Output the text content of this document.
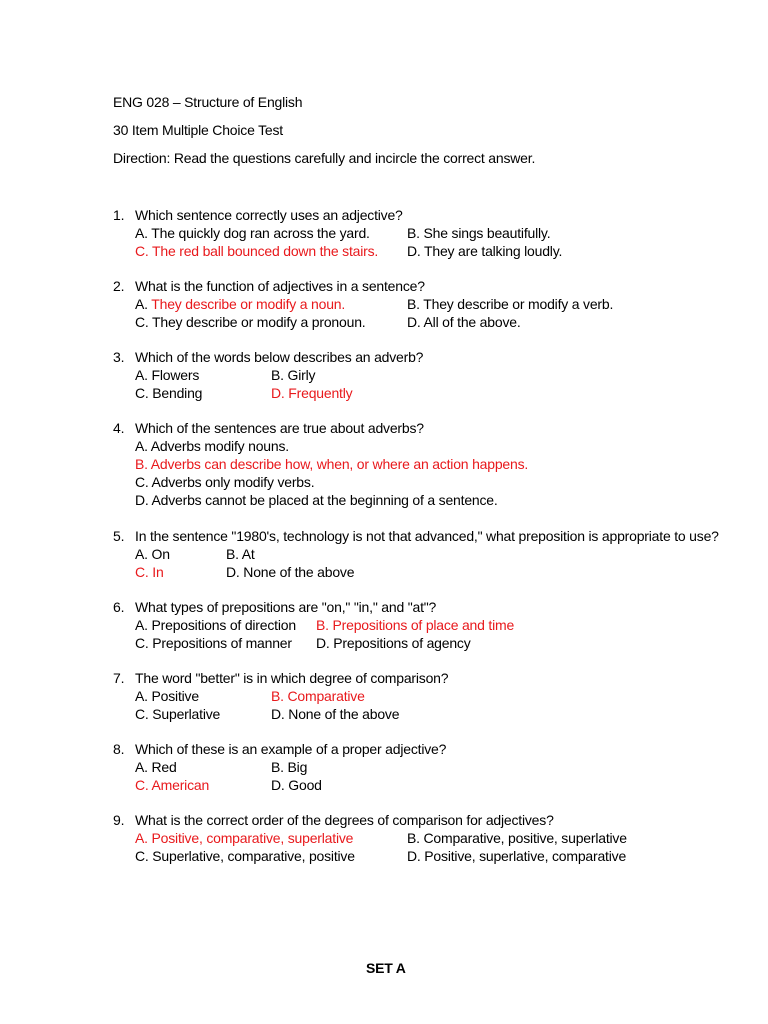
ENG 028 – Structure of English
30 Item Multiple Choice Test
Direction: Read the questions carefully and incircle the correct answer.
1. Which sentence correctly uses an adjective?
A. The quickly dog ran across the yard.	B. She sings beautifully.
C. The red ball bounced down the stairs.	D. They are talking loudly.
2. What is the function of adjectives in a sentence?
A. They describe or modify a noun.	B. They describe or modify a verb.
C. They describe or modify a pronoun.	D. All of the above.
3. Which of the words below describes an adverb?
A. Flowers	B. Girly
C. Bending	D. Frequently
4. Which of the sentences are true about adverbs?
A. Adverbs modify nouns.
B. Adverbs can describe how, when, or where an action happens.
C. Adverbs only modify verbs.
D. Adverbs cannot be placed at the beginning of a sentence.
5. In the sentence "1980's, technology is not that advanced," what preposition is appropriate to use?
A. On	B. At
C. In	D. None of the above
6. What types of prepositions are "on," "in," and "at"?
A. Prepositions of direction	B. Prepositions of place and time
C. Prepositions of manner	D. Prepositions of agency
7. The word "better" is in which degree of comparison?
A. Positive	B. Comparative
C. Superlative	D. None of the above
8. Which of these is an example of a proper adjective?
A. Red	B. Big
C. American	D. Good
9. What is the correct order of the degrees of comparison for adjectives?
A. Positive, comparative, superlative	B. Comparative, positive, superlative
C. Superlative, comparative, positive	D. Positive, superlative, comparative
SET A
